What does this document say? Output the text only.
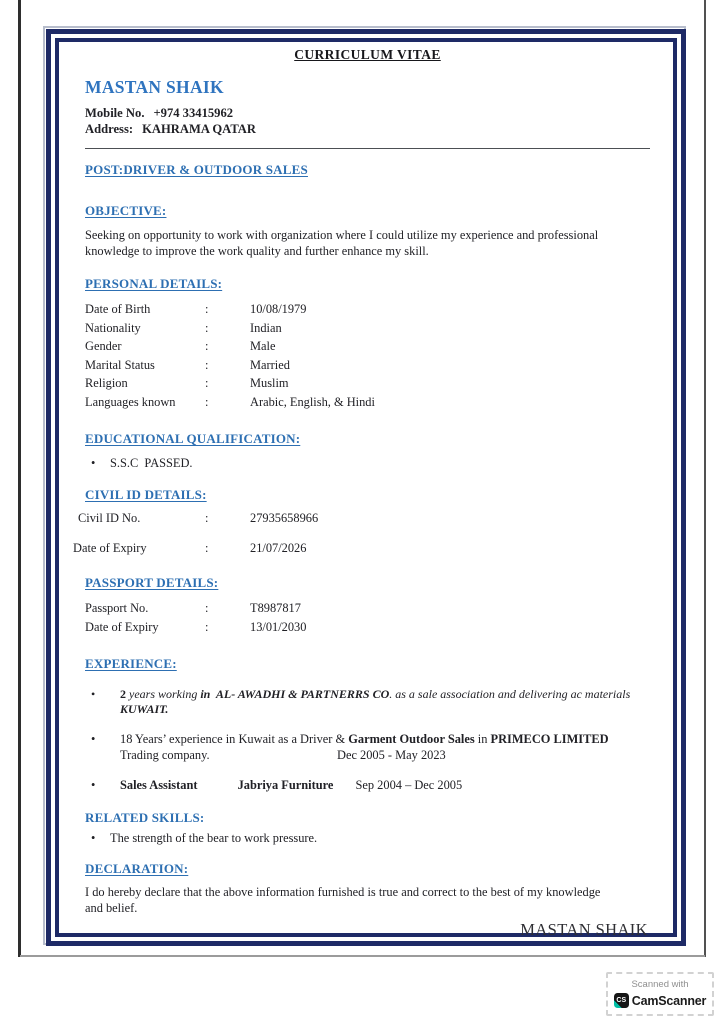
CURRICULUM VITAE
MASTAN SHAIK
Mobile No. +974 33415962
Address: KAHRAMA QATAR
POST:DRIVER & OUTDOOR SALES
OBJECTIVE:
Seeking on opportunity to work with organization where I could utilize my experience and professional knowledge to improve the work quality and further enhance my skill.
PERSONAL DETAILS:
Date of Birth	:	10/08/1979
Nationality	:	Indian
Gender	:	Male
Marital Status	:	Married
Religion	:	Muslim
Languages known	:	Arabic, English, & Hindi
EDUCATIONAL QUALIFICATION:
•	S.S.C  PASSED.
CIVIL ID DETAILS:
Civil ID No.	:	27935658966
Date of Expiry	:	21/07/2026
PASSPORT DETAILS:
Passport No.	:	T8987817
Date of Expiry	:	13/01/2030
EXPERIENCE:
•	2 years working in  AL- AWADHI & PARTNERRS CO. as a sale association and delivering ac materials
KUWAIT.
•	18 Years’ experience in Kuwait as a Driver & Garment Outdoor Sales in PRIMECO LIMITED
Trading company.	Dec 2005 - May 2023
•	Sales Assistant	Jabriya Furniture Sep 2004 – Dec 2005
RELATED SKILLS:
•	The strength of the bear to work pressure.
DECLARATION:
I do hereby declare that the above information furnished is true and correct to the best of my knowledge and belief.
MASTAN SHAIK
Scanned with
CS CamScanner
